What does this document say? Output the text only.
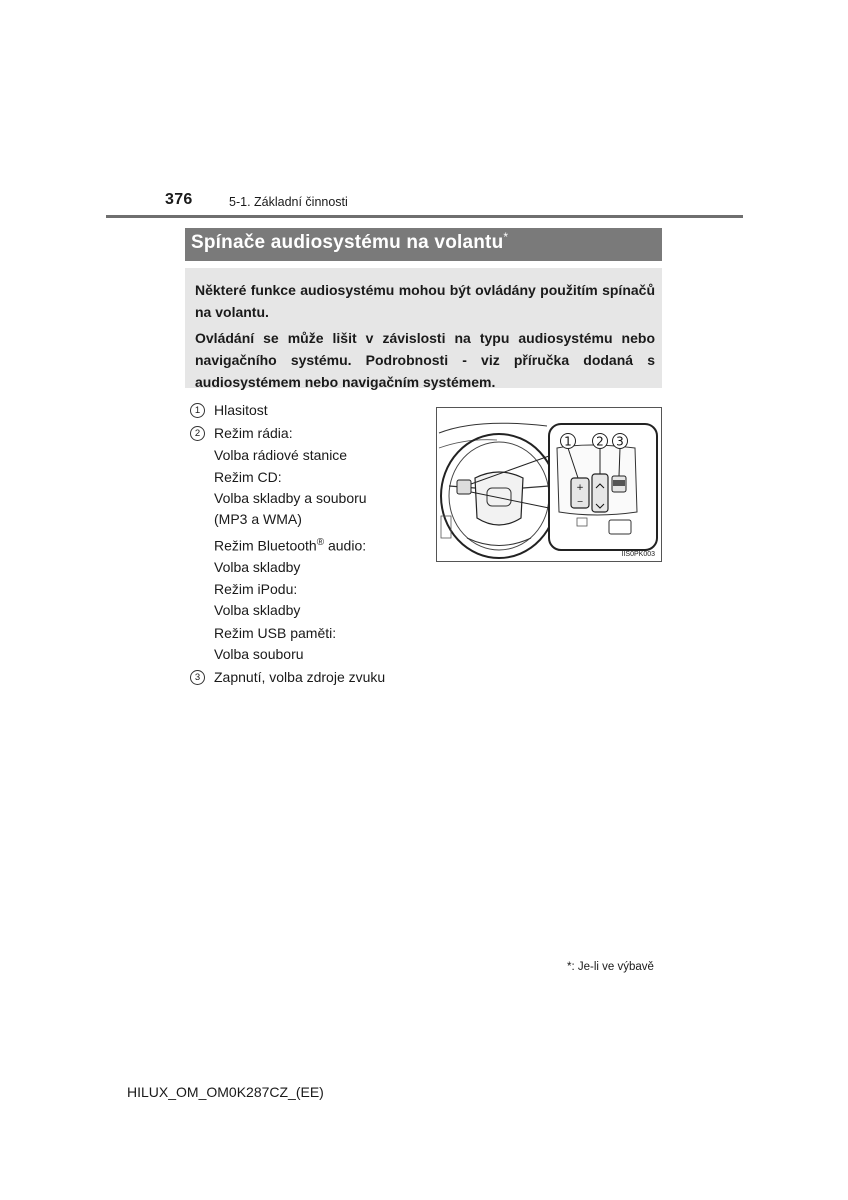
376	5-1. Základní činnosti
Spínače audiosystému na volantu*

Některé funkce audiosystému mohou být ovládány použitím spínačů na volantu.

Ovládání se může lišit v závislosti na typu audiosystému nebo navigačního systému. Podrobnosti - viz příručka dodaná s audiosystémem nebo navigačním systémem.

1 Hlasitost
2 Režim rádia:
Volba rádiové stanice
Režim CD:
Volba skladby a souboru
(MP3 a WMA)
Režim Bluetooth® audio:
Volba skladby
Režim iPodu:
Volba skladby
Režim USB paměti:
Volba souboru
3 Zapnutí, volba zdroje zvuku
+
−
1 2 3
IIS0PK003
*: Je-li ve výbavě
HILUX_OM_OM0K287CZ_(EE)
